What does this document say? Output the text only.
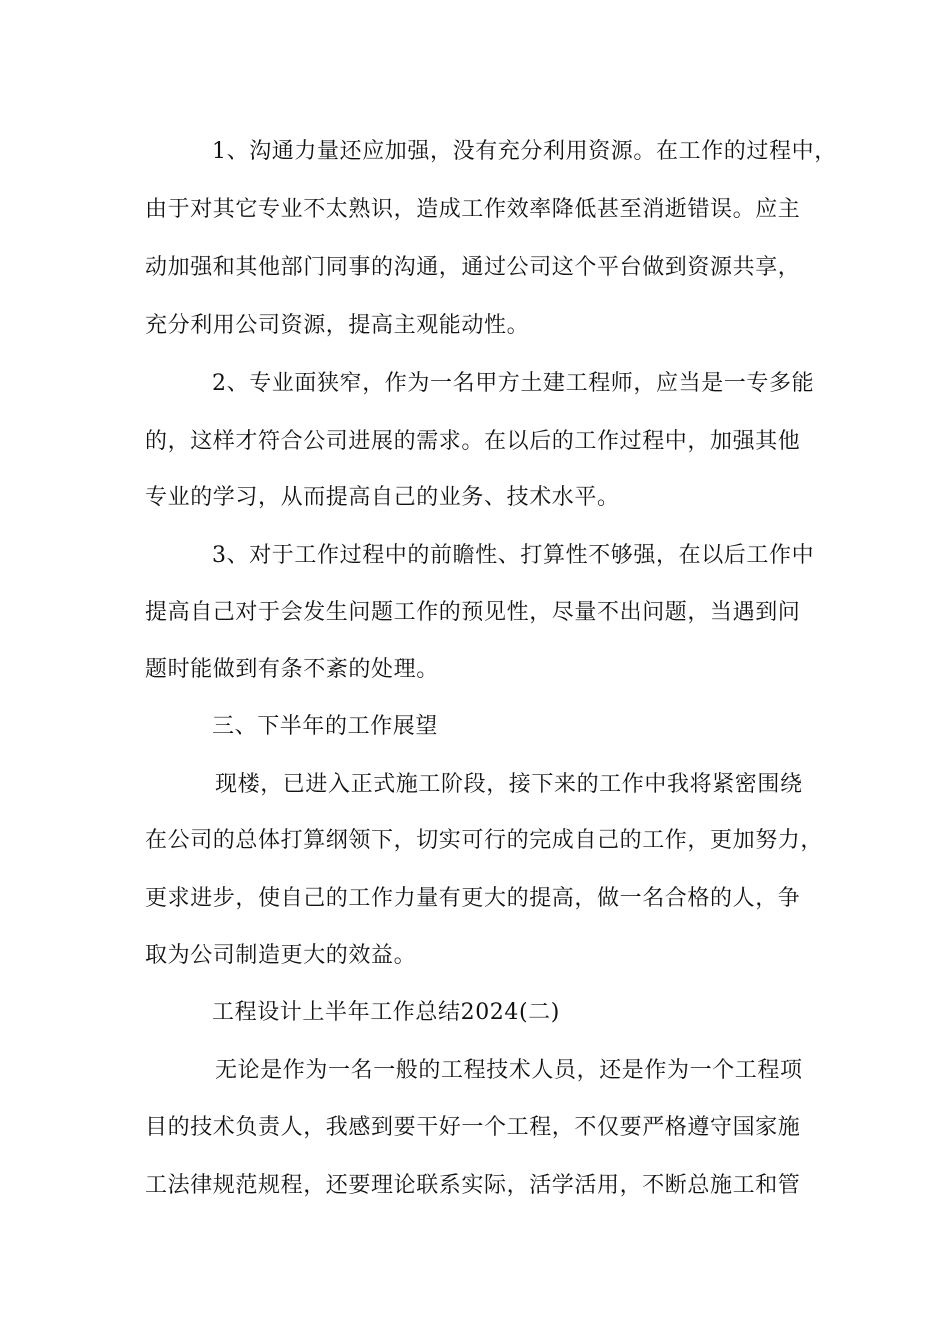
1、沟通力量还应加强，没有充分利用资源。在工作的过程中，
由于对其它专业不太熟识，造成工作效率降低甚至消逝错误。应主
动加强和其他部门同事的沟通，通过公司这个平台做到资源共享，
充分利用公司资源，提高主观能动性。
2、专业面狭窄，作为一名甲方土建工程师，应当是一专多能
的，这样才符合公司进展的需求。在以后的工作过程中，加强其他
专业的学习，从而提高自己的业务、技术水平。
3、对于工作过程中的前瞻性、打算性不够强，在以后工作中
提高自己对于会发生问题工作的预见性，尽量不出问题，当遇到问
题时能做到有条不紊的处理。
三、下半年的工作展望
现楼，已进入正式施工阶段，接下来的工作中我将紧密围绕
在公司的总体打算纲领下，切实可行的完成自己的工作，更加努力，
更求进步，使自己的工作力量有更大的提高，做一名合格的人，争
取为公司制造更大的效益。
工程设计上半年工作总结2024(二)
无论是作为一名一般的工程技术人员，还是作为一个工程项
目的技术负责人，我感到要干好一个工程，不仅要严格遵守国家施
工法律规范规程，还要理论联系实际，活学活用，不断总施工和管
